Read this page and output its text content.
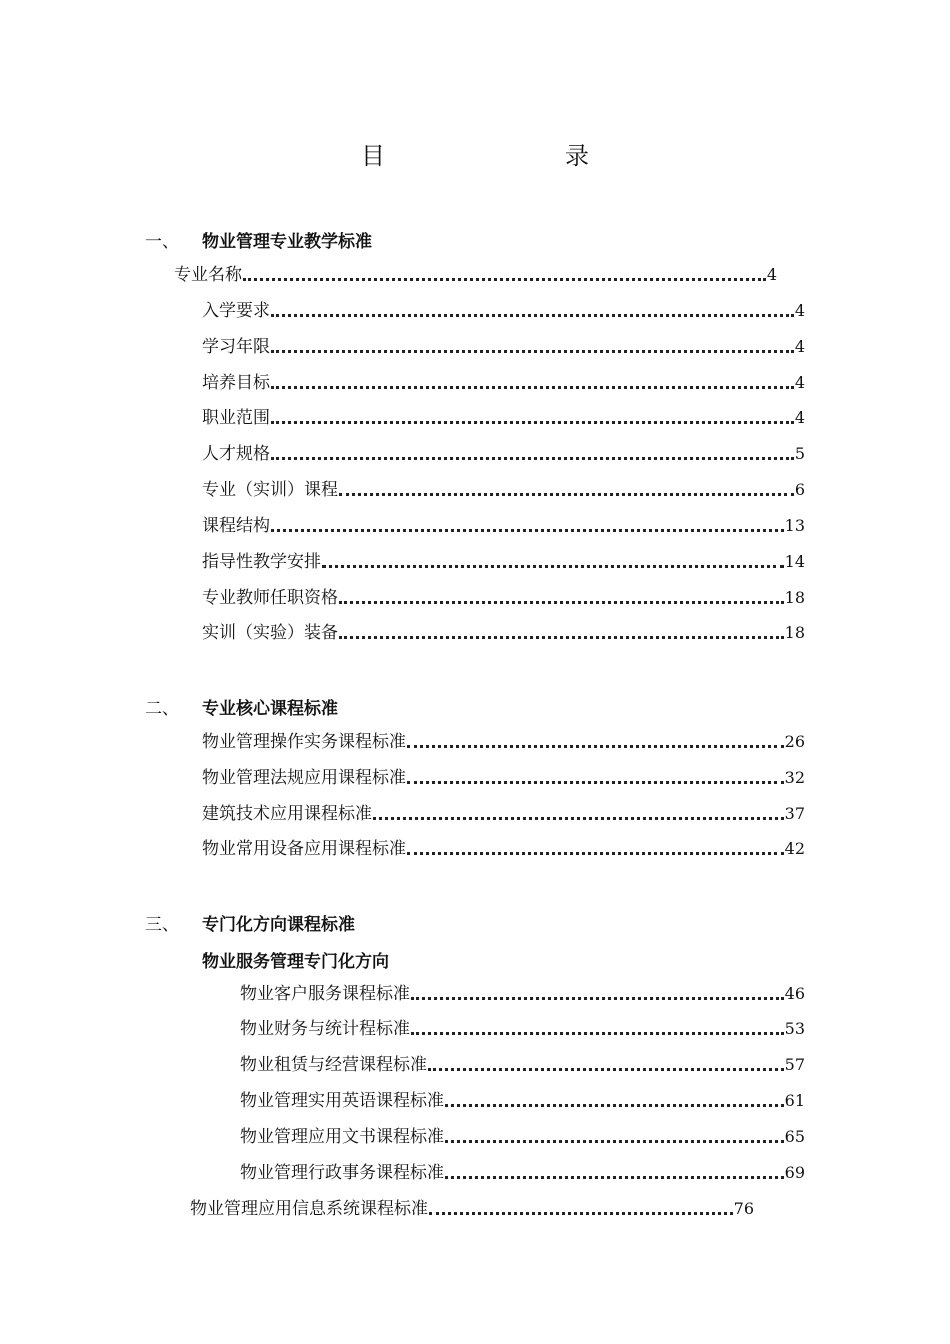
目　　录
一、 物业管理专业教学标准
专业名称	4
入学要求	4
学习年限	4
培养目标	4
职业范围	4
人才规格	5
专业（实训）课程	6
课程结构	13
指导性教学安排	14
专业教师任职资格	18
实训（实验）装备	18
二、 专业核心课程标准
物业管理操作实务课程标准	26
物业管理法规应用课程标准	32
建筑技术应用课程标准	37
物业常用设备应用课程标准	42
三、 专门化方向课程标准
物业服务管理专门化方向
物业客户服务课程标准	46
物业财务与统计程标准	53
物业租赁与经营课程标准	57
物业管理实用英语课程标准	61
物业管理应用文书课程标准	65
物业管理行政事务课程标准	69
物业管理应用信息系统课程标准	76
